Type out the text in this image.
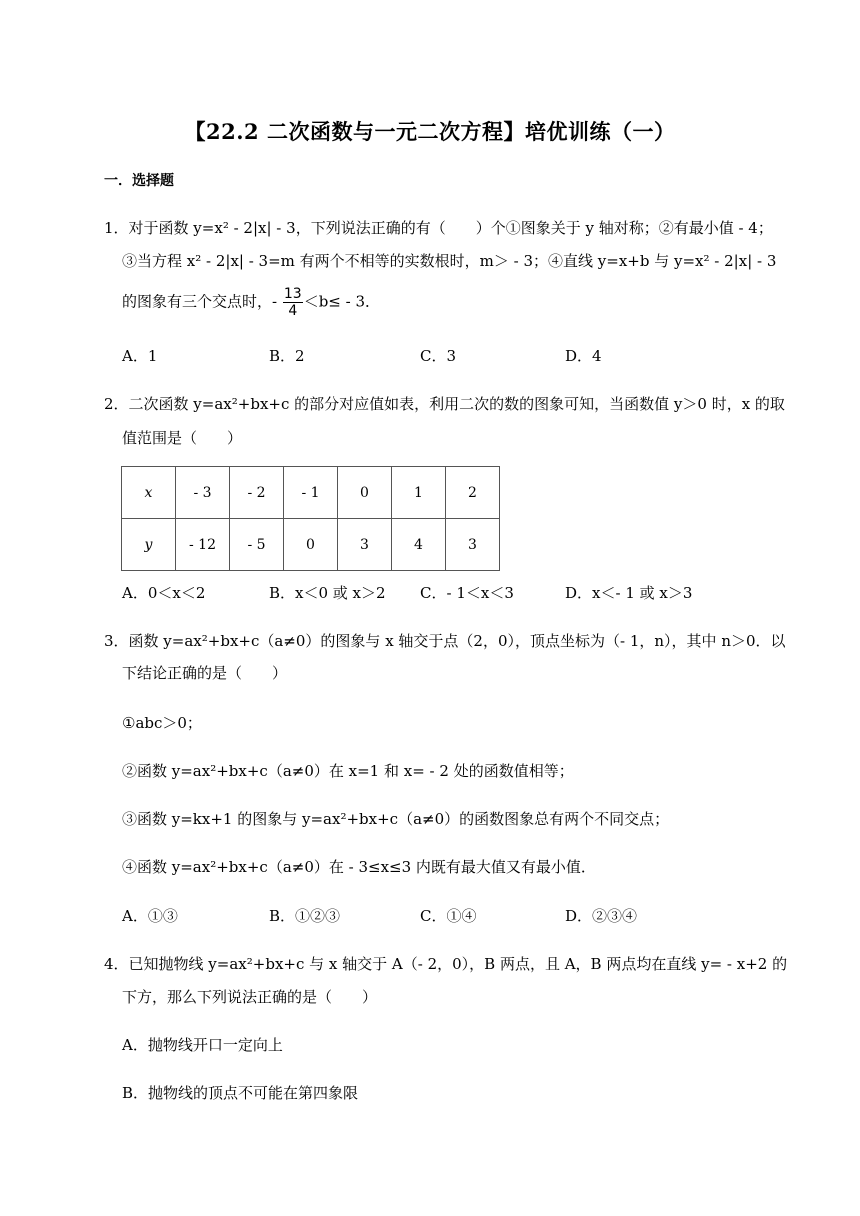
【22.2 二次函数与一元二次方程】培优训练（一）
一．选择题
1．对于函数 y=x² - 2|x| - 3，下列说法正确的有（　　）个①图象关于 y 轴对称；②有最小值 - 4；
③当方程 x² - 2|x| - 3=m 有两个不相等的实数根时，m＞ - 3；④直线 y=x+b 与 y=x² - 2|x| - 3
的图象有三个交点时，- $\frac{13}{4} <b\le - 3$．
A．1	B．2	C．3	D．4
2．二次函数 y=ax²+bx+c 的部分对应值如表，利用二次的数的图象可知，当函数值 y＞0 时，x 的取
值范围是（　　）
x	- 3	- 2	- 1	0	1	2
y	- 12	- 5	0	3	4	3
A．0＜x＜2	B．x＜0 或 x＞2 C．- 1＜x＜3	D．x＜- 1 或 x＞3
3．函数 y=ax²+bx+c（a≠0）的图象与 x 轴交于点（2，0），顶点坐标为（- 1，n），其中 n＞0．以
下结论正确的是（　　）
①abc＞0；
②函数 y=ax²+bx+c（a≠0）在 x=1 和 x= - 2 处的函数值相等；
③函数 y=kx+1 的图象与 y=ax²+bx+c（a≠0）的函数图象总有两个不同交点；
④函数 y=ax²+bx+c（a≠0）在 - 3≤x≤3 内既有最大值又有最小值．
A．①③	B．①②③	C．①④	D．②③④
4．已知抛物线 y=ax²+bx+c 与 x 轴交于 A（- 2，0），B 两点，且 A，B 两点均在直线 y= - x+2 的
下方，那么下列说法正确的是（　　）
A．抛物线开口一定向上
B．抛物线的顶点不可能在第四象限
